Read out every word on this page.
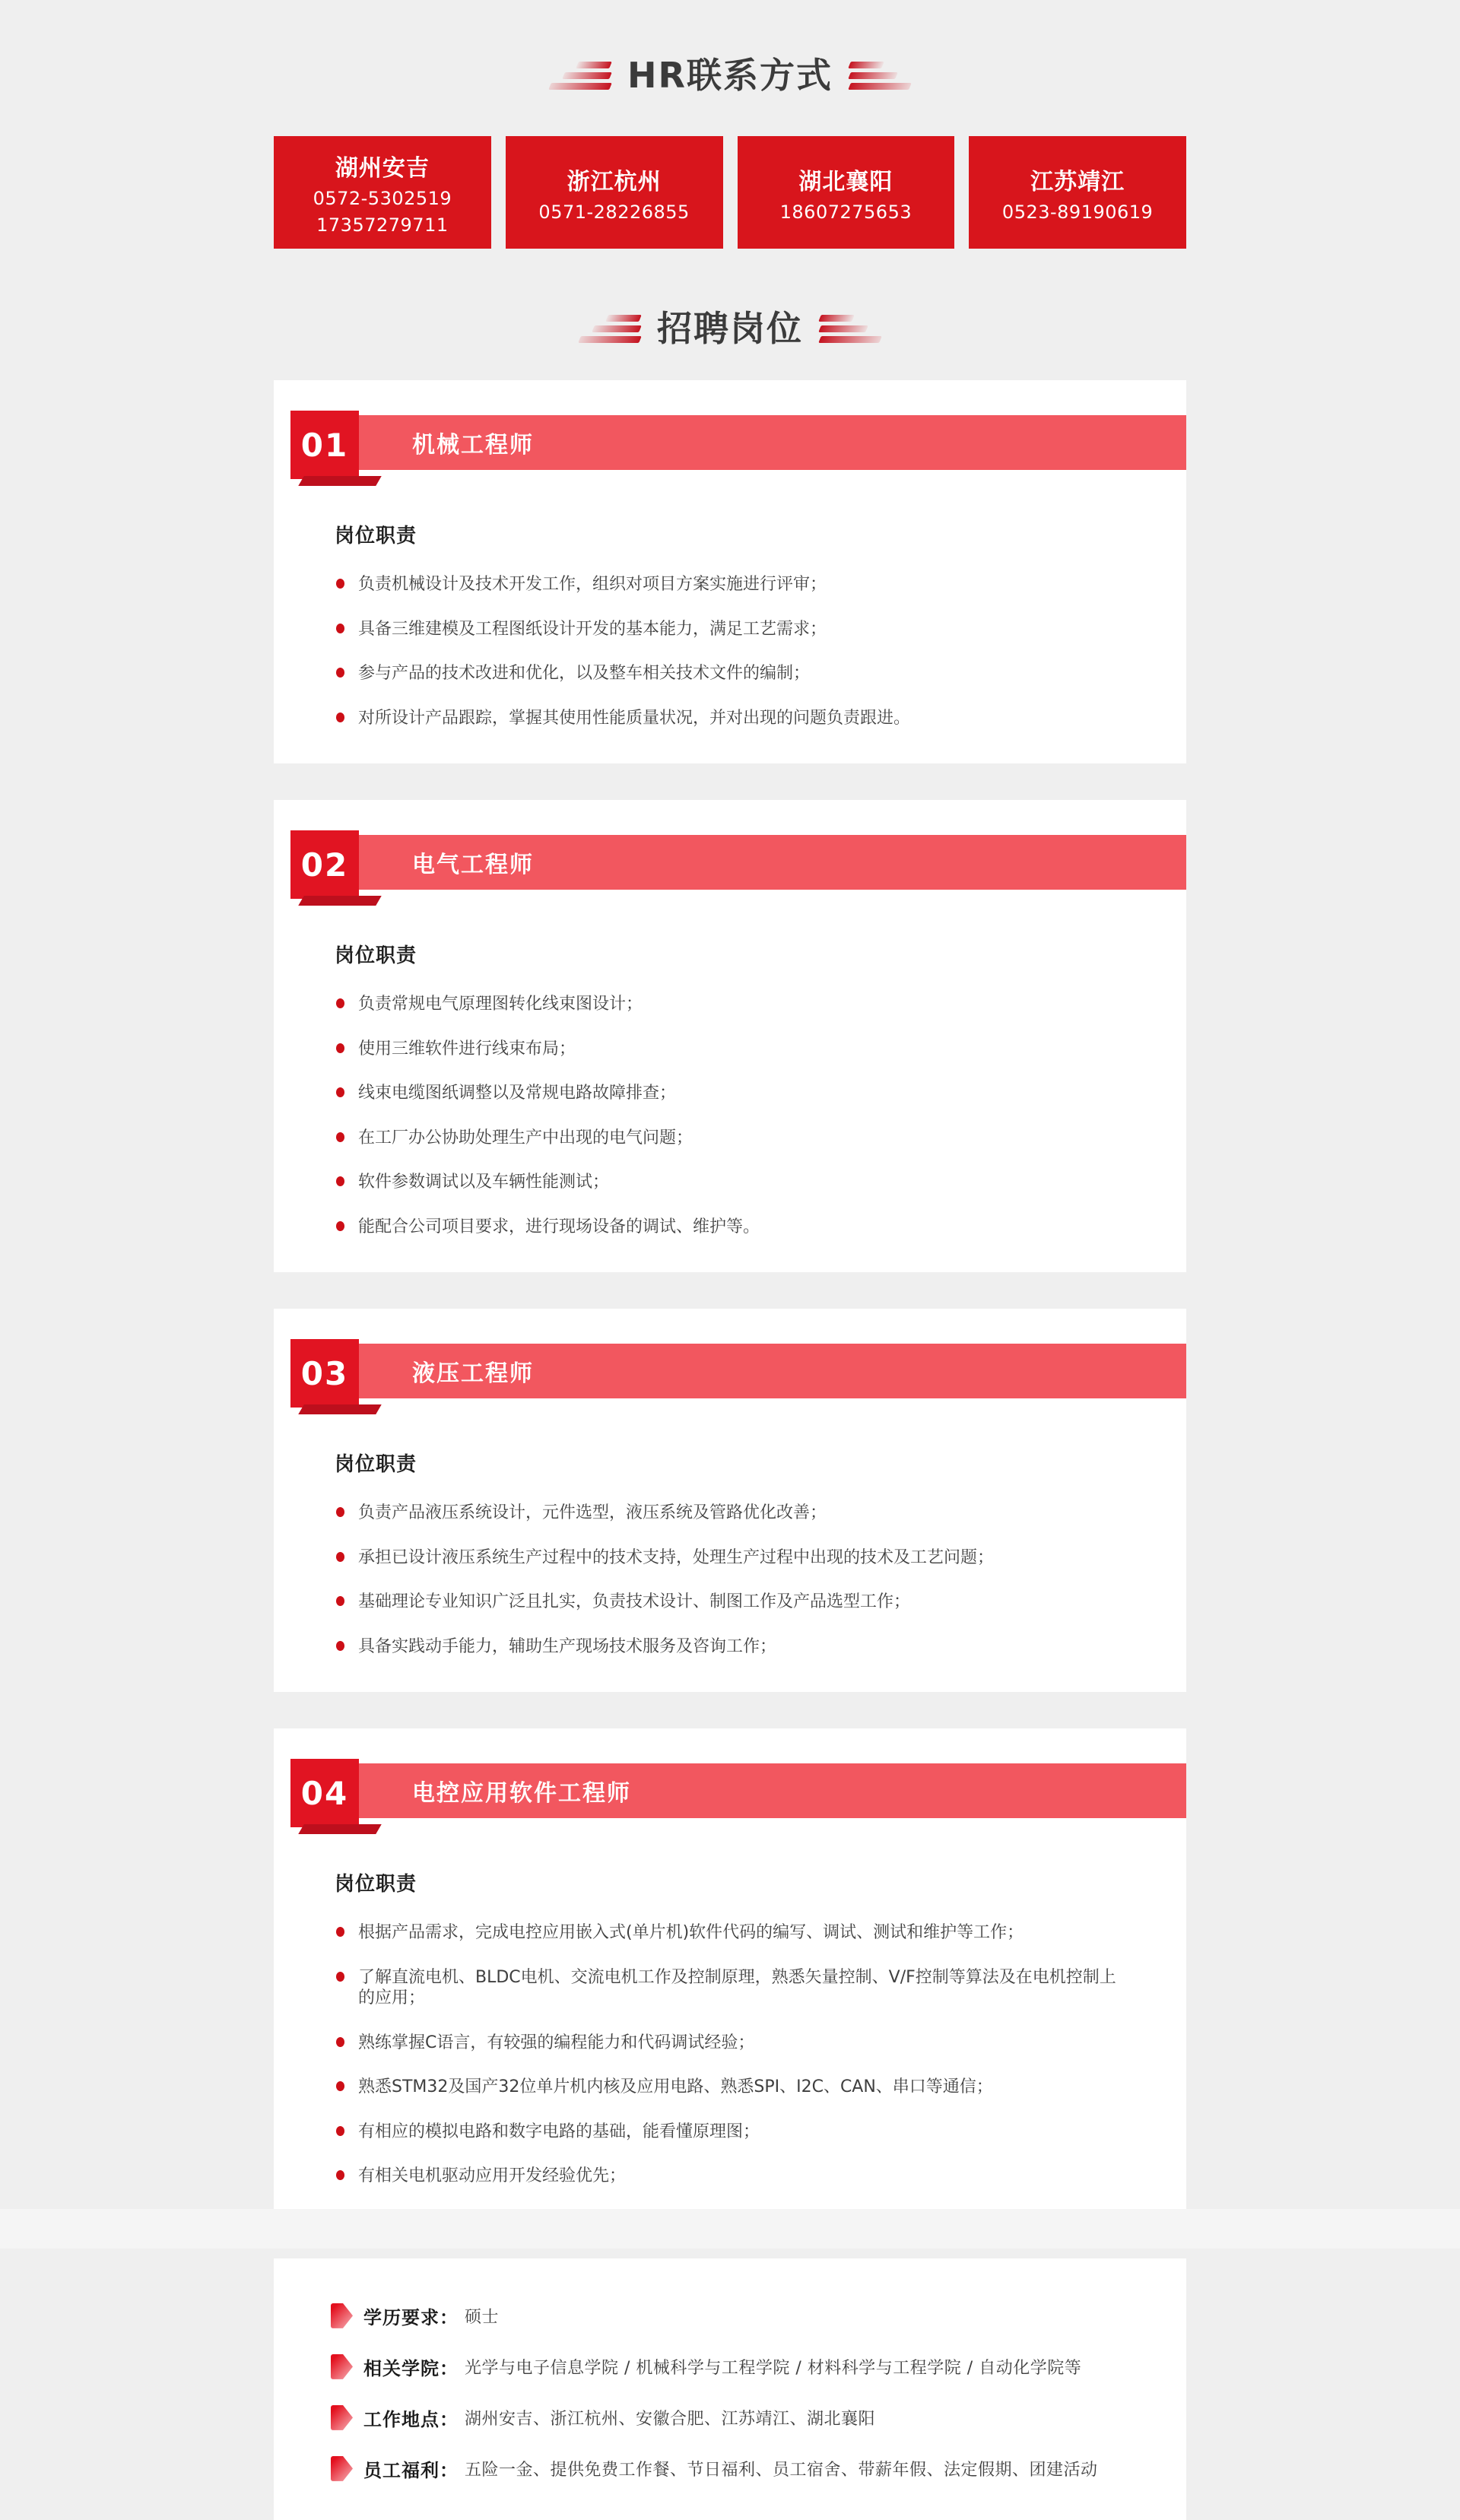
HR联系方式
湖州安吉
0572-5302519
17357279711
浙江杭州
0571-28226855
湖北襄阳
18607275653
江苏靖江
0523-89190619
招聘岗位
机械工程师
01
岗位职责
负责机械设计及技术开发工作，组织对项目方案实施进行评审；
具备三维建模及工程图纸设计开发的基本能力，满足工艺需求；
参与产品的技术改进和优化，以及整车相关技术文件的编制；
对所设计产品跟踪，掌握其使用性能质量状况，并对出现的问题负责跟进。
电气工程师
02
岗位职责
负责常规电气原理图转化线束图设计；
使用三维软件进行线束布局；
线束电缆图纸调整以及常规电路故障排查；
在工厂办公协助处理生产中出现的电气问题；
软件参数调试以及车辆性能测试；
能配合公司项目要求，进行现场设备的调试、维护等。
液压工程师
03
岗位职责
负责产品液压系统设计，元件选型，液压系统及管路优化改善；
承担已设计液压系统生产过程中的技术支持，处理生产过程中出现的技术及工艺问题；
基础理论专业知识广泛且扎实，负责技术设计、制图工作及产品选型工作；
具备实践动手能力，辅助生产现场技术服务及咨询工作；
电控应用软件工程师
04
岗位职责
根据产品需求，完成电控应用嵌入式(单片机)软件代码的编写、调试、测试和维护等工作；
了解直流电机、BLDC电机、交流电机工作及控制原理，熟悉矢量控制、V/F控制等算法及在电机控制上的应用；
熟练掌握C语言，有较强的编程能力和代码调试经验；
熟悉STM32及国产32位单片机内核及应用电路、熟悉SPI、I2C、CAN、串口等通信；
有相应的模拟电路和数字电路的基础，能看懂原理图；
有相关电机驱动应用开发经验优先；
学历要求： 硕士
相关学院： 光学与电子信息学院 / 机械科学与工程学院 / 材料科学与工程学院 / 自动化学院等
工作地点： 湖州安吉、浙江杭州、安徽合肥、江苏靖江、湖北襄阳
员工福利： 五险一金、提供免费工作餐、节日福利、员工宿舍、带薪年假、法定假期、团建活动
